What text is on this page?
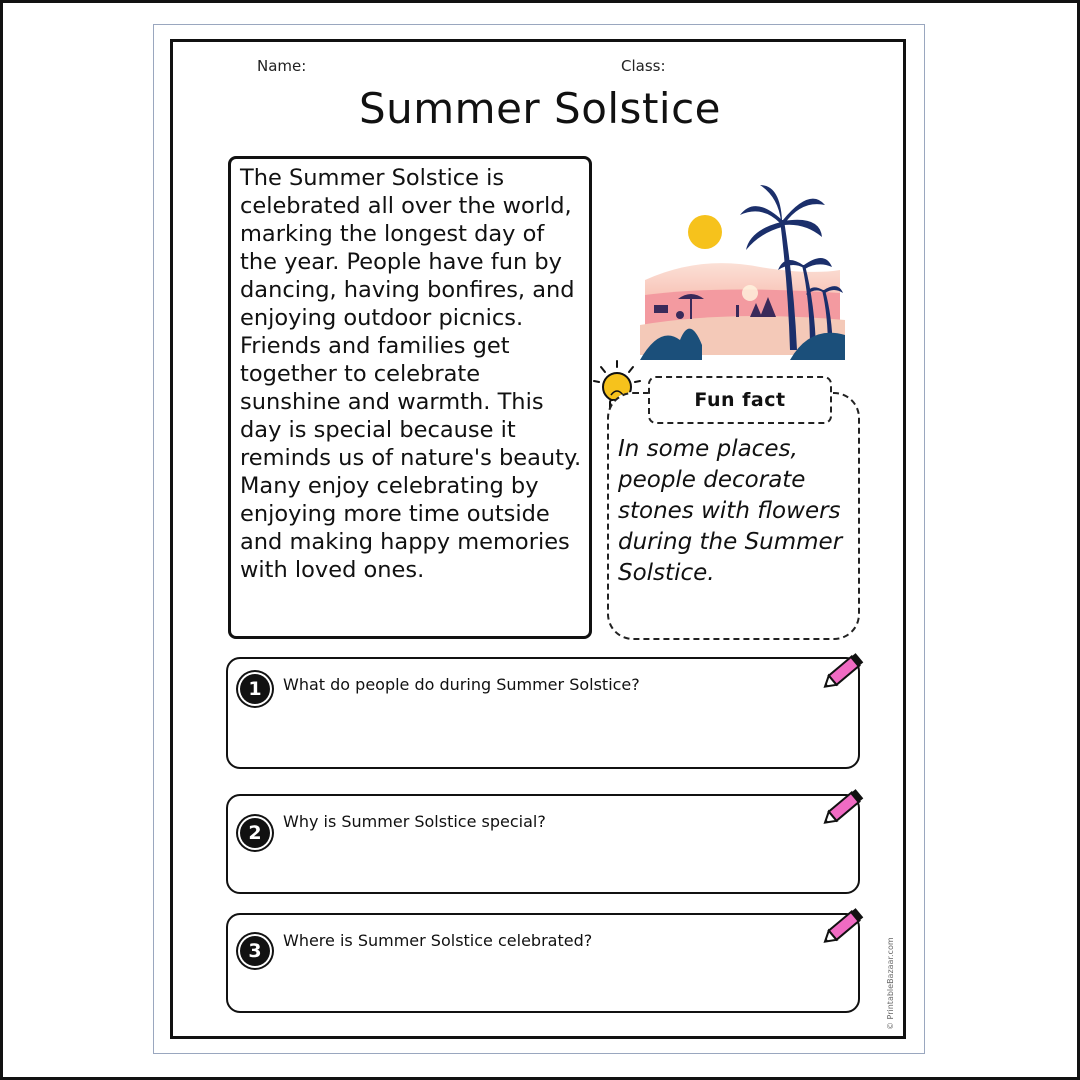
Name:	Class:
Summer Solstice

The Summer Solstice is celebrated all over the world, marking the longest day of the year. People have fun by dancing, having bonfires, and enjoying outdoor picnics. Friends and families get together to celebrate sunshine and warmth. This day is special because it reminds us of nature's beauty. Many enjoy celebrating by enjoying more time outside and making happy memories with loved ones.

Fun fact

In some places, people decorate stones with flowers during the Summer Solstice.

1	What do people do during Summer Solstice?
2
Why is Summer Solstice special?
3	Where is Summer Solstice celebrated?	© PrintableBazaar.com
